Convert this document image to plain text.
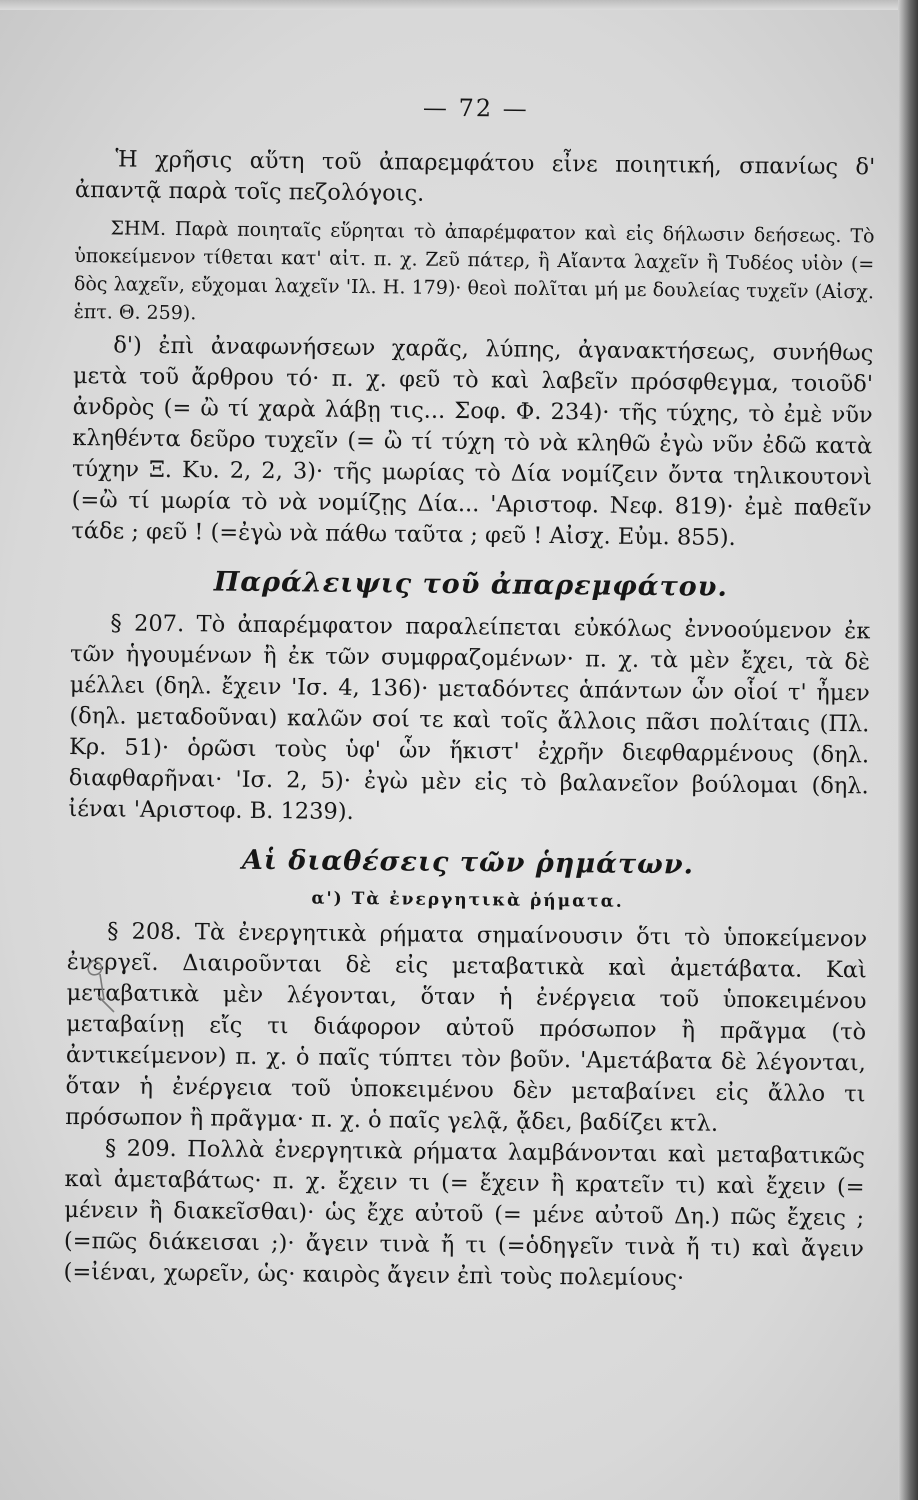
— 72 —

Ἡ χρῆσις αὕτη τοῦ ἀπαρεμφάτου εἶνε ποιητική, σπανίως δ' ἀπαντᾷ παρὰ τοῖς πεζολόγοις.

ΣΗΜ. Παρὰ ποιηταῖς εὕρηται τὸ ἀπαρέμφατον καὶ εἰς δήλωσιν δεήσεως. Τὸ ὑποκείμενον τίθεται κατ' αἰτ. π. χ. Ζεῦ πάτερ, ἢ Αἴαντα λαχεῖν ἢ Τυδέος υἱὸν (= δὸς λαχεῖν, εὔχομαι λαχεῖν 'Ιλ. Η. 179)· θεοὶ πολῖται μή με δουλείας τυχεῖν (Αἰσχ. ἑπτ. Θ. 259).

δ') ἐπὶ ἀναφωνήσεων χαρᾶς, λύπης, ἀγανακτήσεως, συνήθως μετὰ τοῦ ἄρθρου τό· π. χ. φεῦ τὸ καὶ λαβεῖν πρόσφθεγμα, τοιοῦδ' ἀνδρὸς (= ὢ τί χαρὰ λάβῃ τις... Σοφ. Φ. 234)· τῆς τύχης, τὸ ἐμὲ νῦν κληθέντα δεῦρο τυχεῖν (= ὢ τί τύχη τὸ νὰ κληθῶ ἐγὼ νῦν ἐδῶ κατὰ τύχην Ξ. Κυ. 2, 2, 3)· τῆς μωρίας τὸ Δία νομίζειν ὄντα τηλικουτονὶ (=ὢ τί μωρία τὸ νὰ νομίζῃς Δία... 'Αριστοφ. Νεφ. 819)· ἐμὲ παθεῖν τάδε ; φεῦ ! (=ἐγὼ νὰ πάθω ταῦτα ; φεῦ ! Αἰσχ. Εὐμ. 855).

Παράλειψις τοῦ ἀπαρεμφάτου.

§ 207. Τὸ ἀπαρέμφατον παραλείπεται εὐκόλως ἐννοούμενον ἐκ τῶν ἡγουμένων ἢ ἐκ τῶν συμφραζομένων· π. χ. τὰ μὲν ἔχει, τὰ δὲ μέλλει (δηλ. ἔχειν 'Ισ. 4, 136)· μεταδόντες ἁπάντων ὧν οἷοί τ' ἦμεν (δηλ. μεταδοῦναι) καλῶν σοί τε καὶ τοῖς ἄλλοις πᾶσι πολίταις (Πλ. Κρ. 51)· ὁρῶσι τοὺς ὑφ' ὧν ἥκιστ' ἐχρῆν διεφθαρμένους (δηλ. διαφθαρῆναι· 'Ισ. 2, 5)· ἐγὼ μὲν εἰς τὸ βαλανεῖον βούλομαι (δηλ. ἰέναι 'Αριστοφ. Β. 1239).

Αἱ διαθέσεις τῶν ῥημάτων.
α') Τὰ ἐνεργητικὰ ῥήματα.

§ 208. Τὰ ἐνεργητικὰ ρήματα σημαίνουσιν ὅτι τὸ ὑποκείμενον ἐνεργεῖ. Διαιροῦνται δὲ εἰς μεταβατικὰ καὶ ἀμετάβατα. Καὶ μεταβατικὰ μὲν λέγονται, ὅταν ἡ ἐνέργεια τοῦ ὑποκειμένου μεταβαίνῃ εἴς τι διάφορον αὐτοῦ πρόσωπον ἢ πρᾶγμα (τὸ ἀντικείμενον) π. χ. ὁ παῖς τύπτει τὸν βοῦν. 'Αμετάβατα δὲ λέγονται, ὅταν ἡ ἐνέργεια τοῦ ὑποκειμένου δὲν μεταβαίνει εἰς ἄλλο τι πρόσωπον ἢ πρᾶγμα· π. χ. ὁ παῖς γελᾷ, ᾄδει, βαδίζει κτλ.

§ 209. Πολλὰ ἐνεργητικὰ ρήματα λαμβάνονται καὶ μεταβατικῶς καὶ ἀμεταβάτως· π. χ. ἔχειν τι (= ἔχειν ἢ κρατεῖν τι) καὶ ἔχειν (= μένειν ἢ διακεῖσθαι)· ὡς ἔχε αὐτοῦ (= μένε αὐτοῦ Δη.) πῶς ἔχεις ; (=πῶς διάκεισαι ;)· ἄγειν τινὰ ἤ τι (=ὁδηγεῖν τινὰ ἤ τι) καὶ ἄγειν (=ἰέναι, χωρεῖν, ὡς· καιρὸς ἄγειν ἐπὶ τοὺς πολεμίους·
